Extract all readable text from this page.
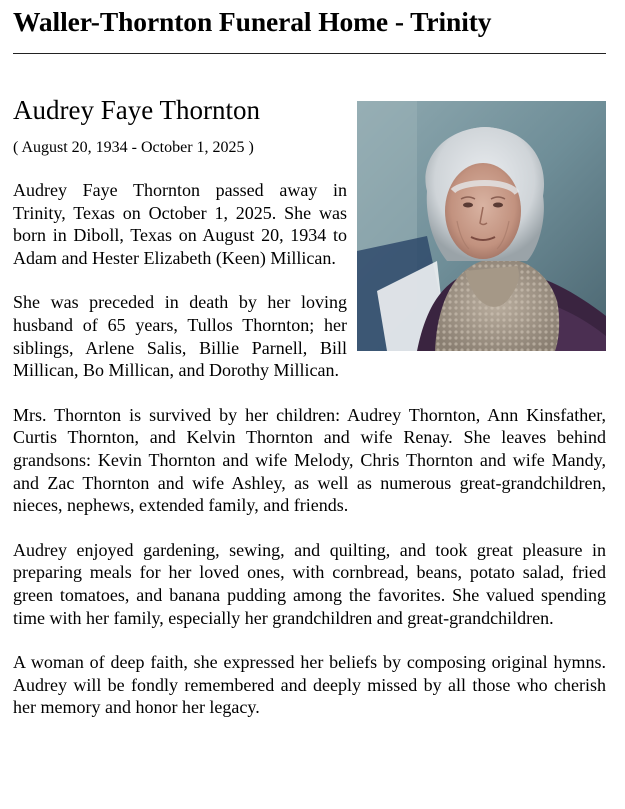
Waller-Thornton Funeral Home - Trinity
Audrey Faye Thornton

( August 20, 1934 - October 1, 2025 )

Audrey Faye Thornton passed away in Trinity, Texas on October 1, 2025. She was born in Diboll, Texas on August 20, 1934 to Adam and Hester Elizabeth (Keen) Millican.

She was preceded in death by her loving husband of 65 years, Tullos Thornton; her siblings, Arlene Salis, Billie Parnell, Bill Millican, Bo Millican, and Dorothy Millican.

Mrs. Thornton is survived by her children: Audrey Thornton, Ann Kinsfather, Curtis Thornton, and Kelvin Thornton and wife Renay. She leaves behind grandsons: Kevin Thornton and wife Melody, Chris Thornton and wife Mandy, and Zac Thornton and wife Ashley, as well as numerous great-grandchildren, nieces, nephews, extended family, and friends.

Audrey enjoyed gardening, sewing, and quilting, and took great pleasure in preparing meals for her loved ones, with cornbread, beans, potato salad, fried green tomatoes, and banana pudding among the favorites. She valued spending time with her family, especially her grandchildren and great-grandchildren.

A woman of deep faith, she expressed her beliefs by composing original hymns. Audrey will be fondly remembered and deeply missed by all those who cherish her memory and honor her legacy.
